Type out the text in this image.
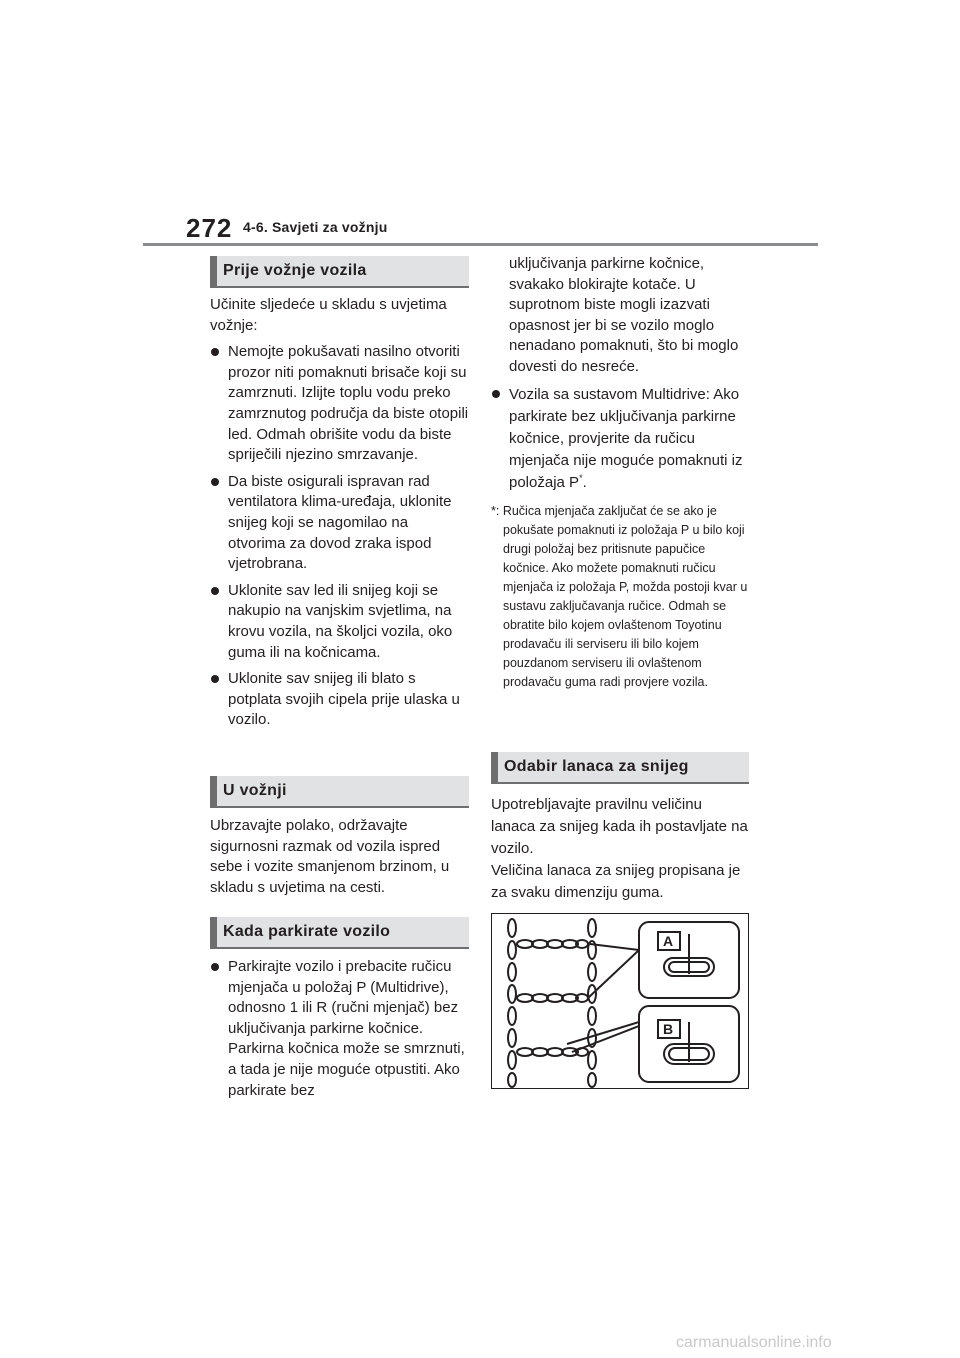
272 4-6. Savjeti za vožnju
Prije vožnje vozila

Učinite sljedeće u skladu s uvjetima vožnje:

Nemojte pokušavati nasilno otvoriti prozor niti pomaknuti brisače koji su zamrznuti. Izlijte toplu vodu preko zamrznutog područja da biste otopili led. Odmah obrišite vodu da biste spriječili njezino smrzavanje.
Da biste osigurali ispravan rad ventilatora klima-uređaja, uklonite snijeg koji se nagomilao na otvorima za dovod zraka ispod vjetrobrana.
Uklonite sav led ili snijeg koji se nakupio na vanjskim svjetlima, na krovu vozila, na školjci vozila, oko guma ili na kočnicama.
Uklonite sav snijeg ili blato s potplata svojih cipela prije ulaska u vozilo.
U vožnji

Ubrzavajte polako, održavajte sigurnosni razmak od vozila ispred sebe i vozite smanjenom brzinom, u skladu s uvjetima na cesti.

Kada parkirate vozilo
Parkirajte vozilo i prebacite ručicu mjenjača u položaj P (Multidrive), odnosno 1 ili R (ručni mjenjač) bez uključivanja parkirne kočnice. Parkirna kočnica može se smrznuti, a tada je nije moguće otpustiti. Ako parkirate bez
uključivanja parkirne kočnice, svakako blokirajte kotače. U suprotnom biste mogli izazvati opasnost jer bi se vozilo moglo nenadano pomaknuti, što bi moglo dovesti do nesreće.
Vozila sa sustavom Multidrive: Ako parkirate bez uključivanja parkirne kočnice, provjerite da ručicu mjenjača nije moguće pomaknuti iz položaja P*.

*: Ručica mjenjača zaključat će se ako je pokušate pomaknuti iz položaja P u bilo koji drugi položaj bez pritisnute papučice kočnice. Ako možete pomaknuti ručicu mjenjača iz položaja P, možda postoji kvar u sustavu zaključavanja ručice. Odmah se obratite bilo kojem ovlaštenom Toyotinu prodavaču ili serviseru ili bilo kojem pouzdanom serviseru ili ovlaštenom prodavaču guma radi provjere vozila.

Odabir lanaca za snijeg

Upotrebljavajte pravilnu veličinu lanaca za snijeg kada ih postavljate na vozilo.

Veličina lanaca za snijeg propisana je za svaku dimenziju guma.

A
B
carmanualsonline.info
